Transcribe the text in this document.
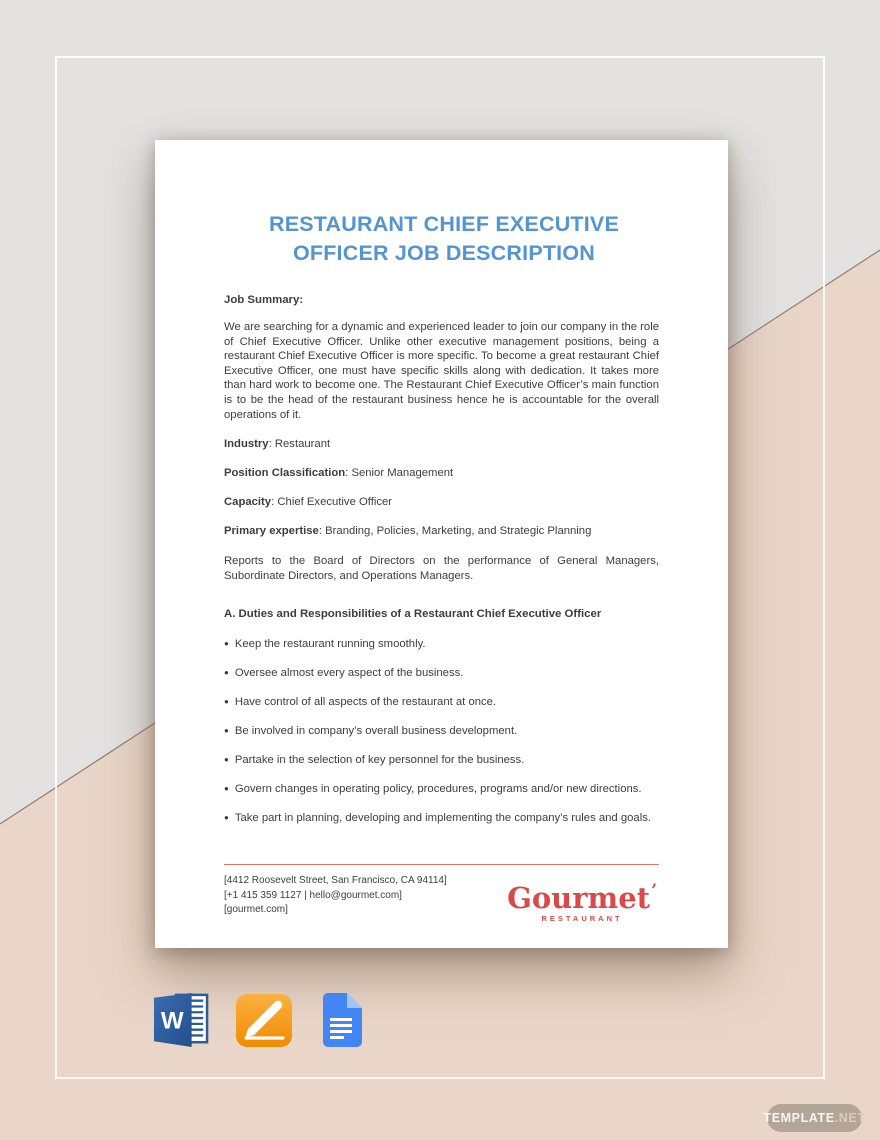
RESTAURANT CHIEF EXECUTIVE OFFICER JOB DESCRIPTION
Job Summary:
We are searching for a dynamic and experienced leader to join our company in the role of Chief Executive Officer. Unlike other executive management positions, being a restaurant Chief Executive Officer is more specific. To become a great restaurant Chief Executive Officer, one must have specific skills along with dedication. It takes more than hard work to become one. The Restaurant Chief Executive Officer’s main function is to be the head of the restaurant business hence he is accountable for the overall operations of it.
Industry: Restaurant
Position Classification: Senior Management
Capacity: Chief Executive Officer
Primary expertise: Branding, Policies, Marketing, and Strategic Planning
Reports to the Board of Directors on the performance of General Managers, Subordinate Directors, and Operations Managers.
A. Duties and Responsibilities of a Restaurant Chief Executive Officer
● Keep the restaurant running smoothly.
● Oversee almost every aspect of the business.
● Have control of all aspects of the restaurant at once.
● Be involved in company’s overall business development.
● Partake in the selection of key personnel for the business.
● Govern changes in operating policy, procedures, programs and/or new directions.
● Take part in planning, developing and implementing the company’s rules and goals.
[4412 Roosevelt Street, San Francisco, CA 94114]
[+1 415 359 1127 | hello@gourmet.com]
[gourmet.com]	Gourmet’
RESTAURANT
W
TEMPLATE .NET
